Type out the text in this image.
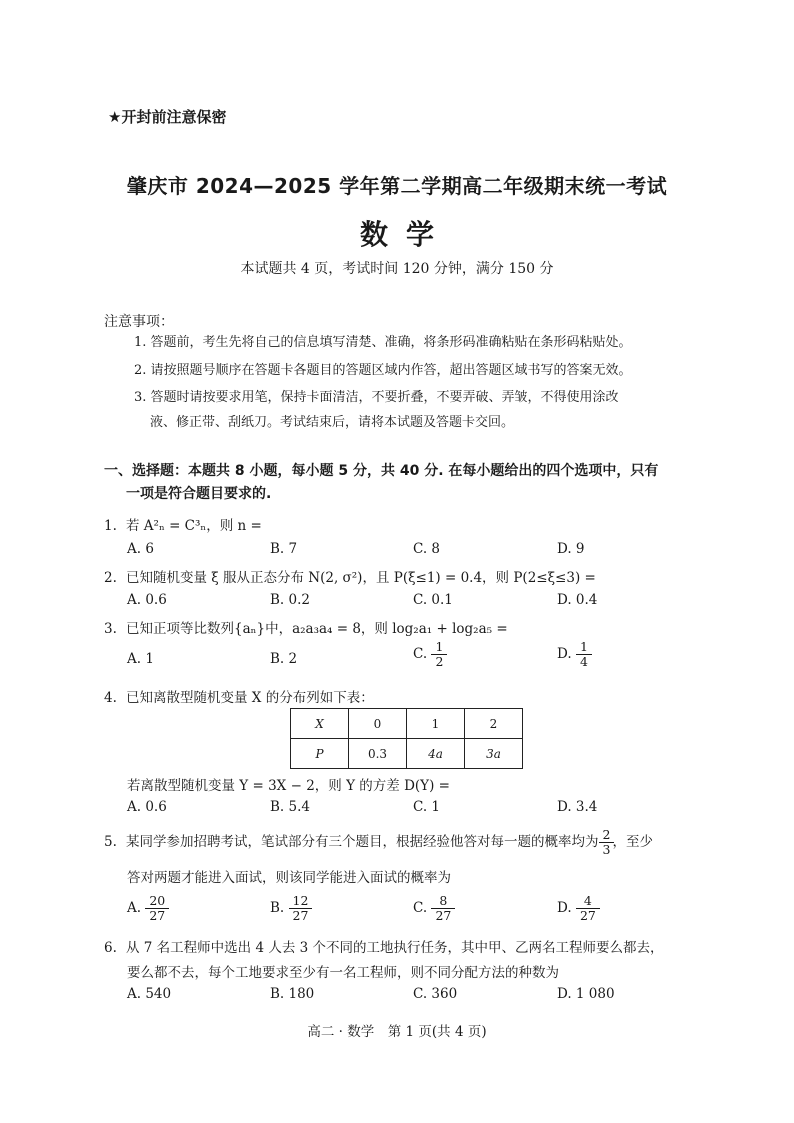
★开封前注意保密
肇庆市 2024—2025 学年第二学期高二年级期末统一考试
数学
本试题共 4 页，考试时间 120 分钟，满分 150 分
注意事项：
1. 答题前，考生先将自己的信息填写清楚、准确，将条形码准确粘贴在条形码粘贴处。
2. 请按照题号顺序在答题卡各题目的答题区域内作答，超出答题区域书写的答案无效。
3. 答题时请按要求用笔，保持卡面清洁，不要折叠，不要弄破、弄皱，不得使用涂改
液、修正带、刮纸刀。考试结束后，请将本试题及答题卡交回。
一、选择题：本题共 8 小题，每小题 5 分，共 40 分. 在每小题给出的四个选项中，只有
一项是符合题目要求的.
1. 若 A²ₙ = C³ₙ，则 n =
A. 6	B. 7	C. 8	D. 9
2. 已知随机变量 ξ 服从正态分布 N(2, σ²)，且 P(ξ≤1) = 0.4，则 P(2≤ξ≤3) =
A. 0.6	B. 0.2	C. 0.1	D. 0.4
3. 已知正项等比数列{aₙ}中，a₂a₃a₄ = 8，则 log₂a₁ + log₂a₅ =
A. 1	B. 2	C. $\frac{1}{2}$	D. $\frac{1}{4}$
4. 已知离散型随机变量 X 的分布列如下表：
X	0	1	2
P	0.3	4a	3a
若离散型随机变量 Y = 3X − 2，则 Y 的方差 D(Y) =
A. 0.6	B. 5.4	C. 1	D. 3.4
5. 某同学参加招聘考试，笔试部分有三个题目，根据经验他答对每一题的概率均为 $\frac{2}{3}$ ，至少
答对两题才能进入面试，则该同学能进入面试的概率为
A. $\frac{20}{27}$	B. $\frac{12}{27}$	C. $\frac{8}{27}$	D. $\frac{4}{27}$
6. 从 7 名工程师中选出 4 人去 3 个不同的工地执行任务，其中甲、乙两名工程师要么都去，
要么都不去，每个工地要求至少有一名工程师，则不同分配方法的种数为
A. 540	B. 180	C. 360	D. 1 080
高二 · 数学　第 1 页(共 4 页)
